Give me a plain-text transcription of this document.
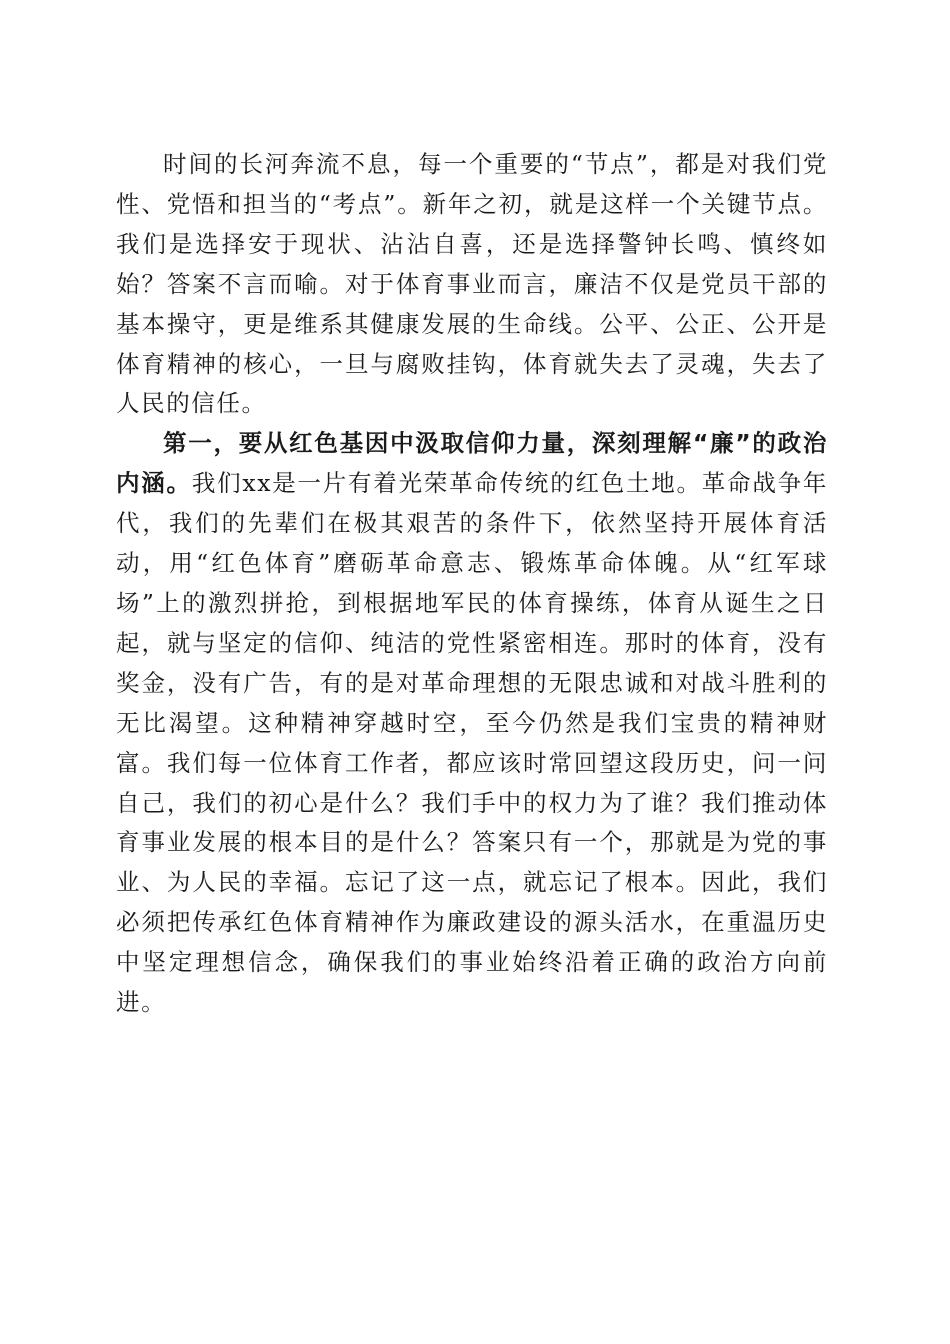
时间的长河奔流不息，每一个重要的“节点”，都是对我们党性、党悟和担当的“考点”。新年之初，就是这样一个关键节点。我们是选择安于现状、沾沾自喜，还是选择警钟长鸣、慎终如始？答案不言而喻。对于体育事业而言，廉洁不仅是党员干部的基本操守，更是维系其健康发展的生命线。公平、公正、公开是体育精神的核心，一旦与腐败挂钩，体育就失去了灵魂，失去了人民的信任。

第一，要从红色基因中汲取信仰力量，深刻理解“廉”的政治内涵。我们xx是一片有着光荣革命传统的红色土地。革命战争年代，我们的先辈们在极其艰苦的条件下，依然坚持开展体育活动，用“红色体育”磨砺革命意志、锻炼革命体魄。从“红军球场”上的激烈拼抢，到根据地军民的体育操练，体育从诞生之日起，就与坚定的信仰、纯洁的党性紧密相连。那时的体育，没有奖金，没有广告，有的是对革命理想的无限忠诚和对战斗胜利的无比渴望。这种精神穿越时空，至今仍然是我们宝贵的精神财富。我们每一位体育工作者，都应该时常回望这段历史，问一问自己，我们的初心是什么？我们手中的权力为了谁？我们推动体育事业发展的根本目的是什么？答案只有一个，那就是为党的事业、为人民的幸福。忘记了这一点，就忘记了根本。因此，我们必须把传承红色体育精神作为廉政建设的源头活水，在重温历史中坚定理想信念，确保我们的事业始终沿着正确的政治方向前进。
